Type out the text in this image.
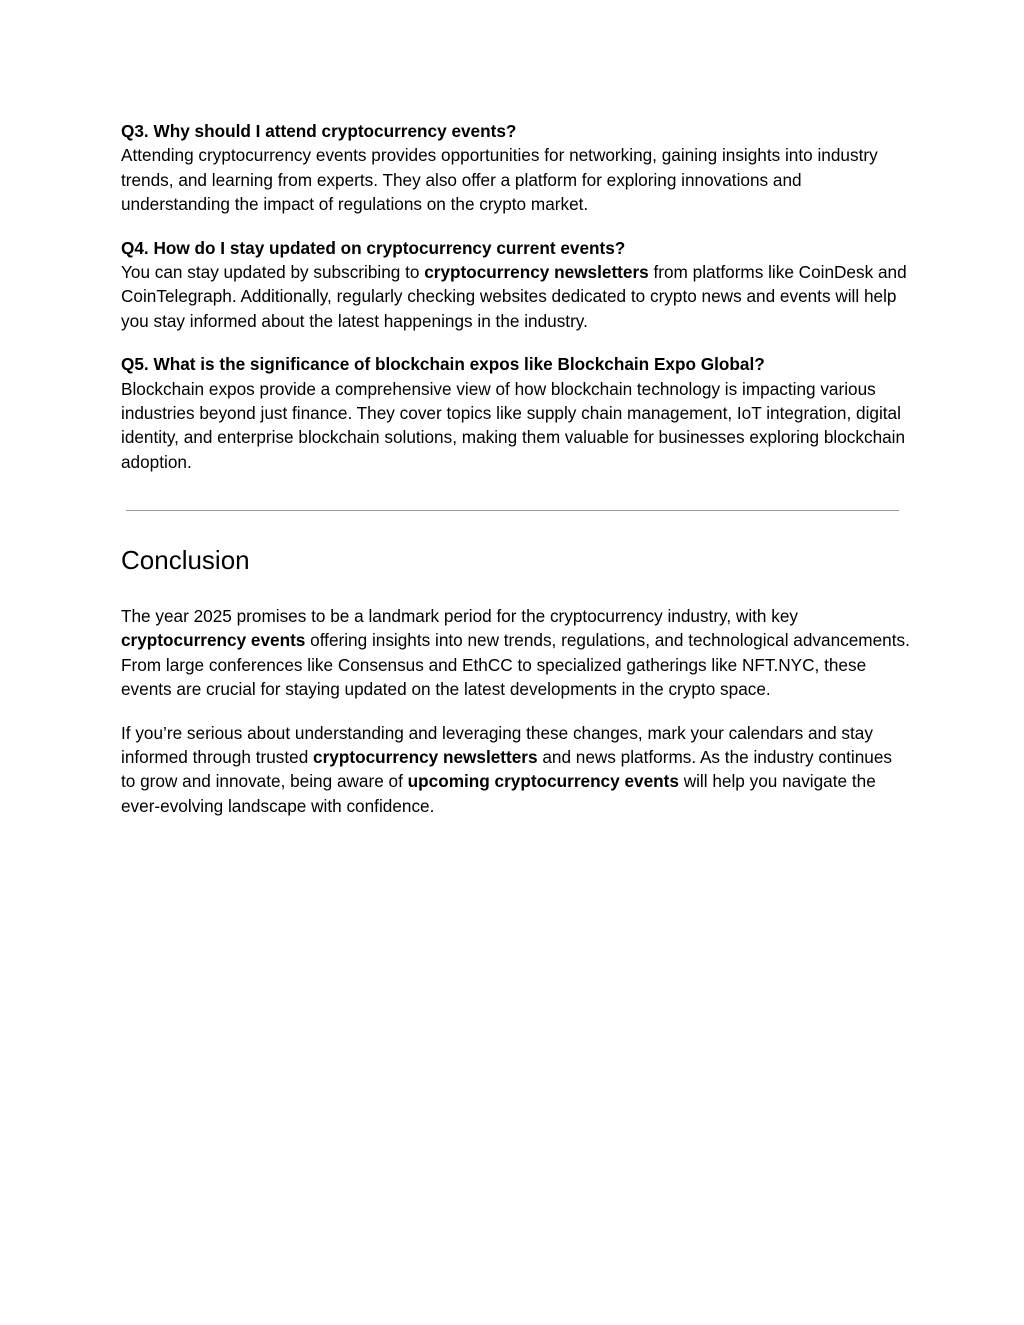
Q3. Why should I attend cryptocurrency events?
Attending cryptocurrency events provides opportunities for networking, gaining insights into industry trends, and learning from experts. They also offer a platform for exploring innovations and understanding the impact of regulations on the crypto market.
Q4. How do I stay updated on cryptocurrency current events?
You can stay updated by subscribing to cryptocurrency newsletters from platforms like CoinDesk and CoinTelegraph. Additionally, regularly checking websites dedicated to crypto news and events will help you stay informed about the latest happenings in the industry.
Q5. What is the significance of blockchain expos like Blockchain Expo Global?
Blockchain expos provide a comprehensive view of how blockchain technology is impacting various industries beyond just finance. They cover topics like supply chain management, IoT integration, digital identity, and enterprise blockchain solutions, making them valuable for businesses exploring blockchain adoption.
Conclusion

The year 2025 promises to be a landmark period for the cryptocurrency industry, with key cryptocurrency events offering insights into new trends, regulations, and technological advancements. From large conferences like Consensus and EthCC to specialized gatherings like NFT.NYC, these events are crucial for staying updated on the latest developments in the crypto space.

If you’re serious about understanding and leveraging these changes, mark your calendars and stay informed through trusted cryptocurrency newsletters and news platforms. As the industry continues to grow and innovate, being aware of upcoming cryptocurrency events will help you navigate the ever-evolving landscape with confidence.
